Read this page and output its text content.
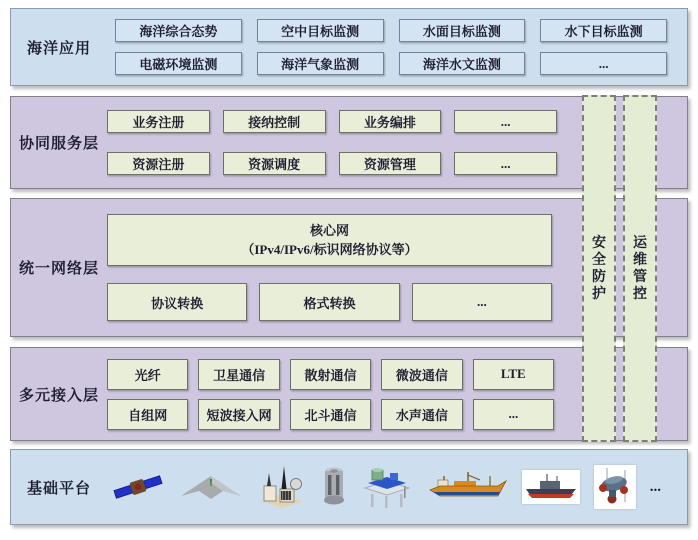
海洋应用
海洋综合态势	空中目标监测	水面目标监测	水下目标监测
电磁环境监测	海洋气象监测	海洋水文监测	...
协同服务层
业务注册	接纳控制	业务编排	...
资源注册	资源调度	资源管理	...
统一网络层
核心网
（IPv4/IPv6/标识网络协议等）
协议转换	格式转换	...
多元接入层
光纤	卫星通信	散射通信	微波通信	LTE
自组网	短波接入网	北斗通信	水声通信	...
基础平台	...
安全防护
运维管控
